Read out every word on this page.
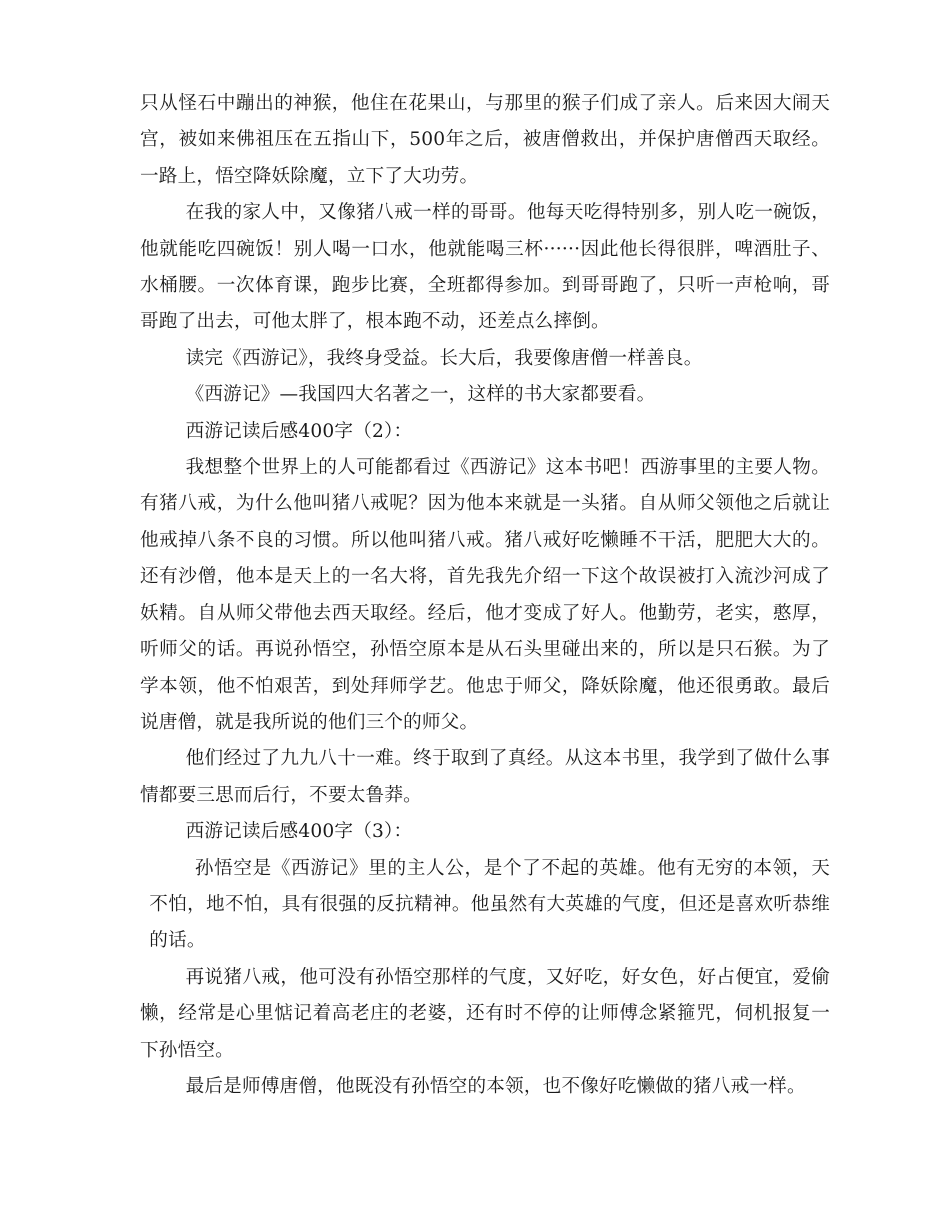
只从怪石中蹦出的神猴，他住在花果山，与那里的猴子们成了亲人。后来因大闹天宫，被如来佛祖压在五指山下，500年之后，被唐僧救出，并保护唐僧西天取经。一路上，悟空降妖除魔，立下了大功劳。

在我的家人中，又像猪八戒一样的哥哥。他每天吃得特别多，别人吃一碗饭，他就能吃四碗饭！别人喝一口水，他就能喝三杯······因此他长得很胖，啤酒肚子、水桶腰。一次体育课，跑步比赛，全班都得参加。到哥哥跑了，只听一声枪响，哥哥跑了出去，可他太胖了，根本跑不动，还差点么摔倒。

读完《西游记》，我终身受益。长大后，我要像唐僧一样善良。

《西游记》—我国四大名著之一，这样的书大家都要看。

西游记读后感400字（2）：

我想整个世界上的人可能都看过《西游记》这本书吧！西游事里的主要人物。有猪八戒，为什么他叫猪八戒呢？因为他本来就是一头猪。自从师父领他之后就让他戒掉八条不良的习惯。所以他叫猪八戒。猪八戒好吃懒睡不干活，肥肥大大的。还有沙僧，他本是天上的一名大将，首先我先介绍一下这个故误被打入流沙河成了妖精。自从师父带他去西天取经。经后，他才变成了好人。他勤劳，老实，憨厚，听师父的话。再说孙悟空，孙悟空原本是从石头里碰出来的，所以是只石猴。为了学本领，他不怕艰苦，到处拜师学艺。他忠于师父，降妖除魔，他还很勇敢。最后说唐僧，就是我所说的他们三个的师父。

他们经过了九九八十一难。终于取到了真经。从这本书里，我学到了做什么事情都要三思而后行，不要太鲁莽。

西游记读后感400字（3）：

孙悟空是《西游记》里的主人公，是个了不起的英雄。他有无穷的本领，天不怕，地不怕，具有很强的反抗精神。他虽然有大英雄的气度，但还是喜欢听恭维的话。

再说猪八戒，他可没有孙悟空那样的气度，又好吃，好女色，好占便宜，爱偷懒，经常是心里惦记着高老庄的老婆，还有时不停的让师傅念紧箍咒，伺机报复一下孙悟空。

最后是师傅唐僧，他既没有孙悟空的本领，也不像好吃懒做的猪八戒一样。
